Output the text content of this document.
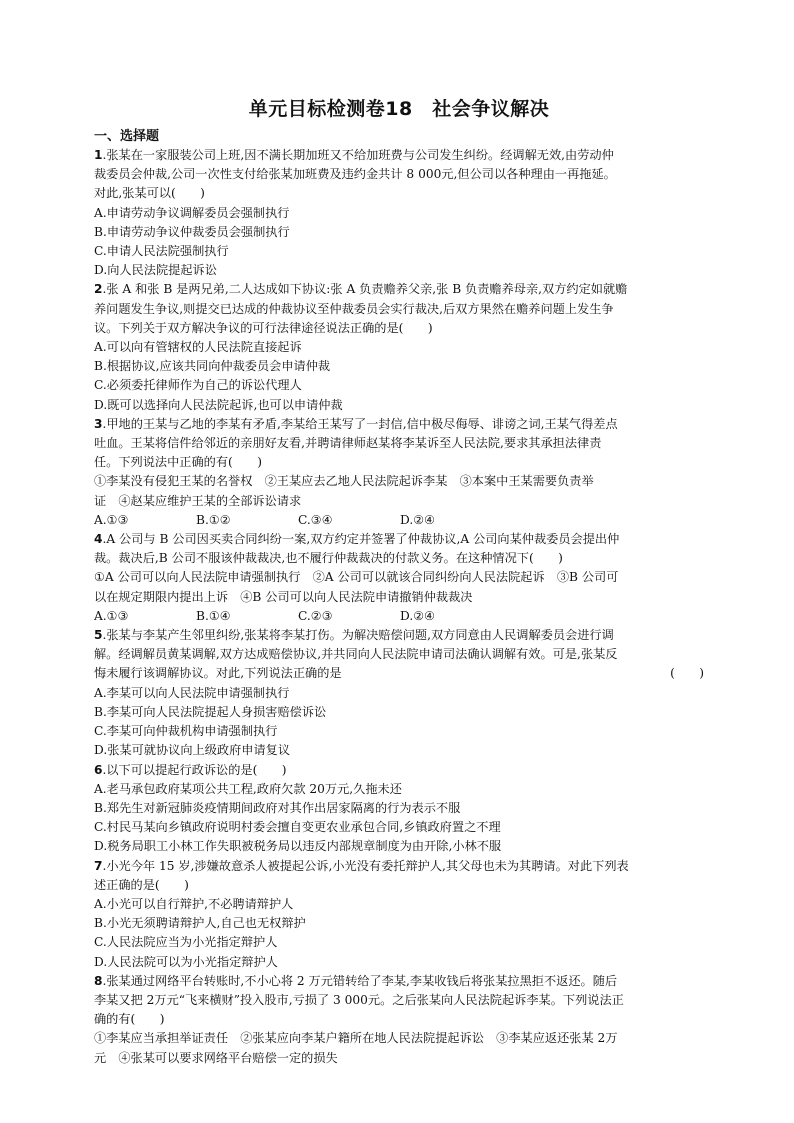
单元目标检测卷18　社会争议解决
一、选择题
1.张某在一家服装公司上班,因不满长期加班又不给加班费与公司发生纠纷。经调解无效,由劳动仲
裁委员会仲裁,公司一次性支付给张某加班费及违约金共计 8 000元,但公司以各种理由一再拖延。
对此,张某可以(　　)
A.申请劳动争议调解委员会强制执行
B.申请劳动争议仲裁委员会强制执行
C.申请人民法院强制执行
D.向人民法院提起诉讼
2.张 A 和张 B 是两兄弟,二人达成如下协议:张 A 负责赡养父亲,张 B 负责赡养母亲,双方约定如就赡
养问题发生争议,则提交已达成的仲裁协议至仲裁委员会实行裁决,后双方果然在赡养问题上发生争
议。下列关于双方解决争议的可行法律途径说法正确的是(　　)
A.可以向有管辖权的人民法院直接起诉
B.根据协议,应该共同向仲裁委员会申请仲裁
C.必须委托律师作为自己的诉讼代理人
D.既可以选择向人民法院起诉,也可以申请仲裁
3.甲地的王某与乙地的李某有矛盾,李某给王某写了一封信,信中极尽侮辱、诽谤之词,王某气得差点
吐血。王某将信件给邻近的亲朋好友看,并聘请律师赵某将李某诉至人民法院,要求其承担法律责
任。下列说法中正确的有(　　)
①李某没有侵犯王某的名誉权　②王某应去乙地人民法院起诉李某　③本案中王某需要负责举
证　④赵某应维护王某的全部诉讼请求
A.①③	B.①②	C.③④	D.②④
4.A 公司与 B 公司因买卖合同纠纷一案,双方约定并签署了仲裁协议,A 公司向某仲裁委员会提出仲
裁。裁决后,B 公司不服该仲裁裁决,也不履行仲裁裁决的付款义务。在这种情况下(　　)
①A 公司可以向人民法院申请强制执行　②A 公司可以就该合同纠纷向人民法院起诉　③B 公司可
以在规定期限内提出上诉　④B 公司可以向人民法院申请撤销仲裁裁决
A.①③	B.①④	C.②③	D.②④
5.张某与李某产生邻里纠纷,张某将李某打伤。为解决赔偿问题,双方同意由人民调解委员会进行调
解。经调解员黄某调解,双方达成赔偿协议,并共同向人民法院申请司法确认调解有效。可是,张某反
悔未履行该调解协议。对此,下列说法正确的是	(　　)
A.李某可以向人民法院申请强制执行
B.李某可向人民法院提起人身损害赔偿诉讼
C.李某可向仲裁机构申请强制执行
D.张某可就协议向上级政府申请复议
6.以下可以提起行政诉讼的是(　　)
A.老马承包政府某项公共工程,政府欠款 20万元,久拖未还
B.郑先生对新冠肺炎疫情期间政府对其作出居家隔离的行为表示不服
C.村民马某向乡镇政府说明村委会擅自变更农业承包合同,乡镇政府置之不理
D.税务局职工小林工作失职被税务局以违反内部规章制度为由开除,小林不服
7.小光今年 15 岁,涉嫌故意杀人被提起公诉,小光没有委托辩护人,其父母也未为其聘请。对此下列表
述正确的是(　　)
A.小光可以自行辩护,不必聘请辩护人
B.小光无须聘请辩护人,自己也无权辩护
C.人民法院应当为小光指定辩护人
D.人民法院可以为小光指定辩护人
8.张某通过网络平台转账时,不小心将 2 万元错转给了李某,李某收钱后将张某拉黑拒不返还。随后
李某又把 2万元“飞来横财”投入股市,亏损了 3 000元。之后张某向人民法院起诉李某。下列说法正
确的有(　　)
①李某应当承担举证责任　②张某应向李某户籍所在地人民法院提起诉讼　③李某应返还张某 2万
元　④张某可以要求网络平台赔偿一定的损失
